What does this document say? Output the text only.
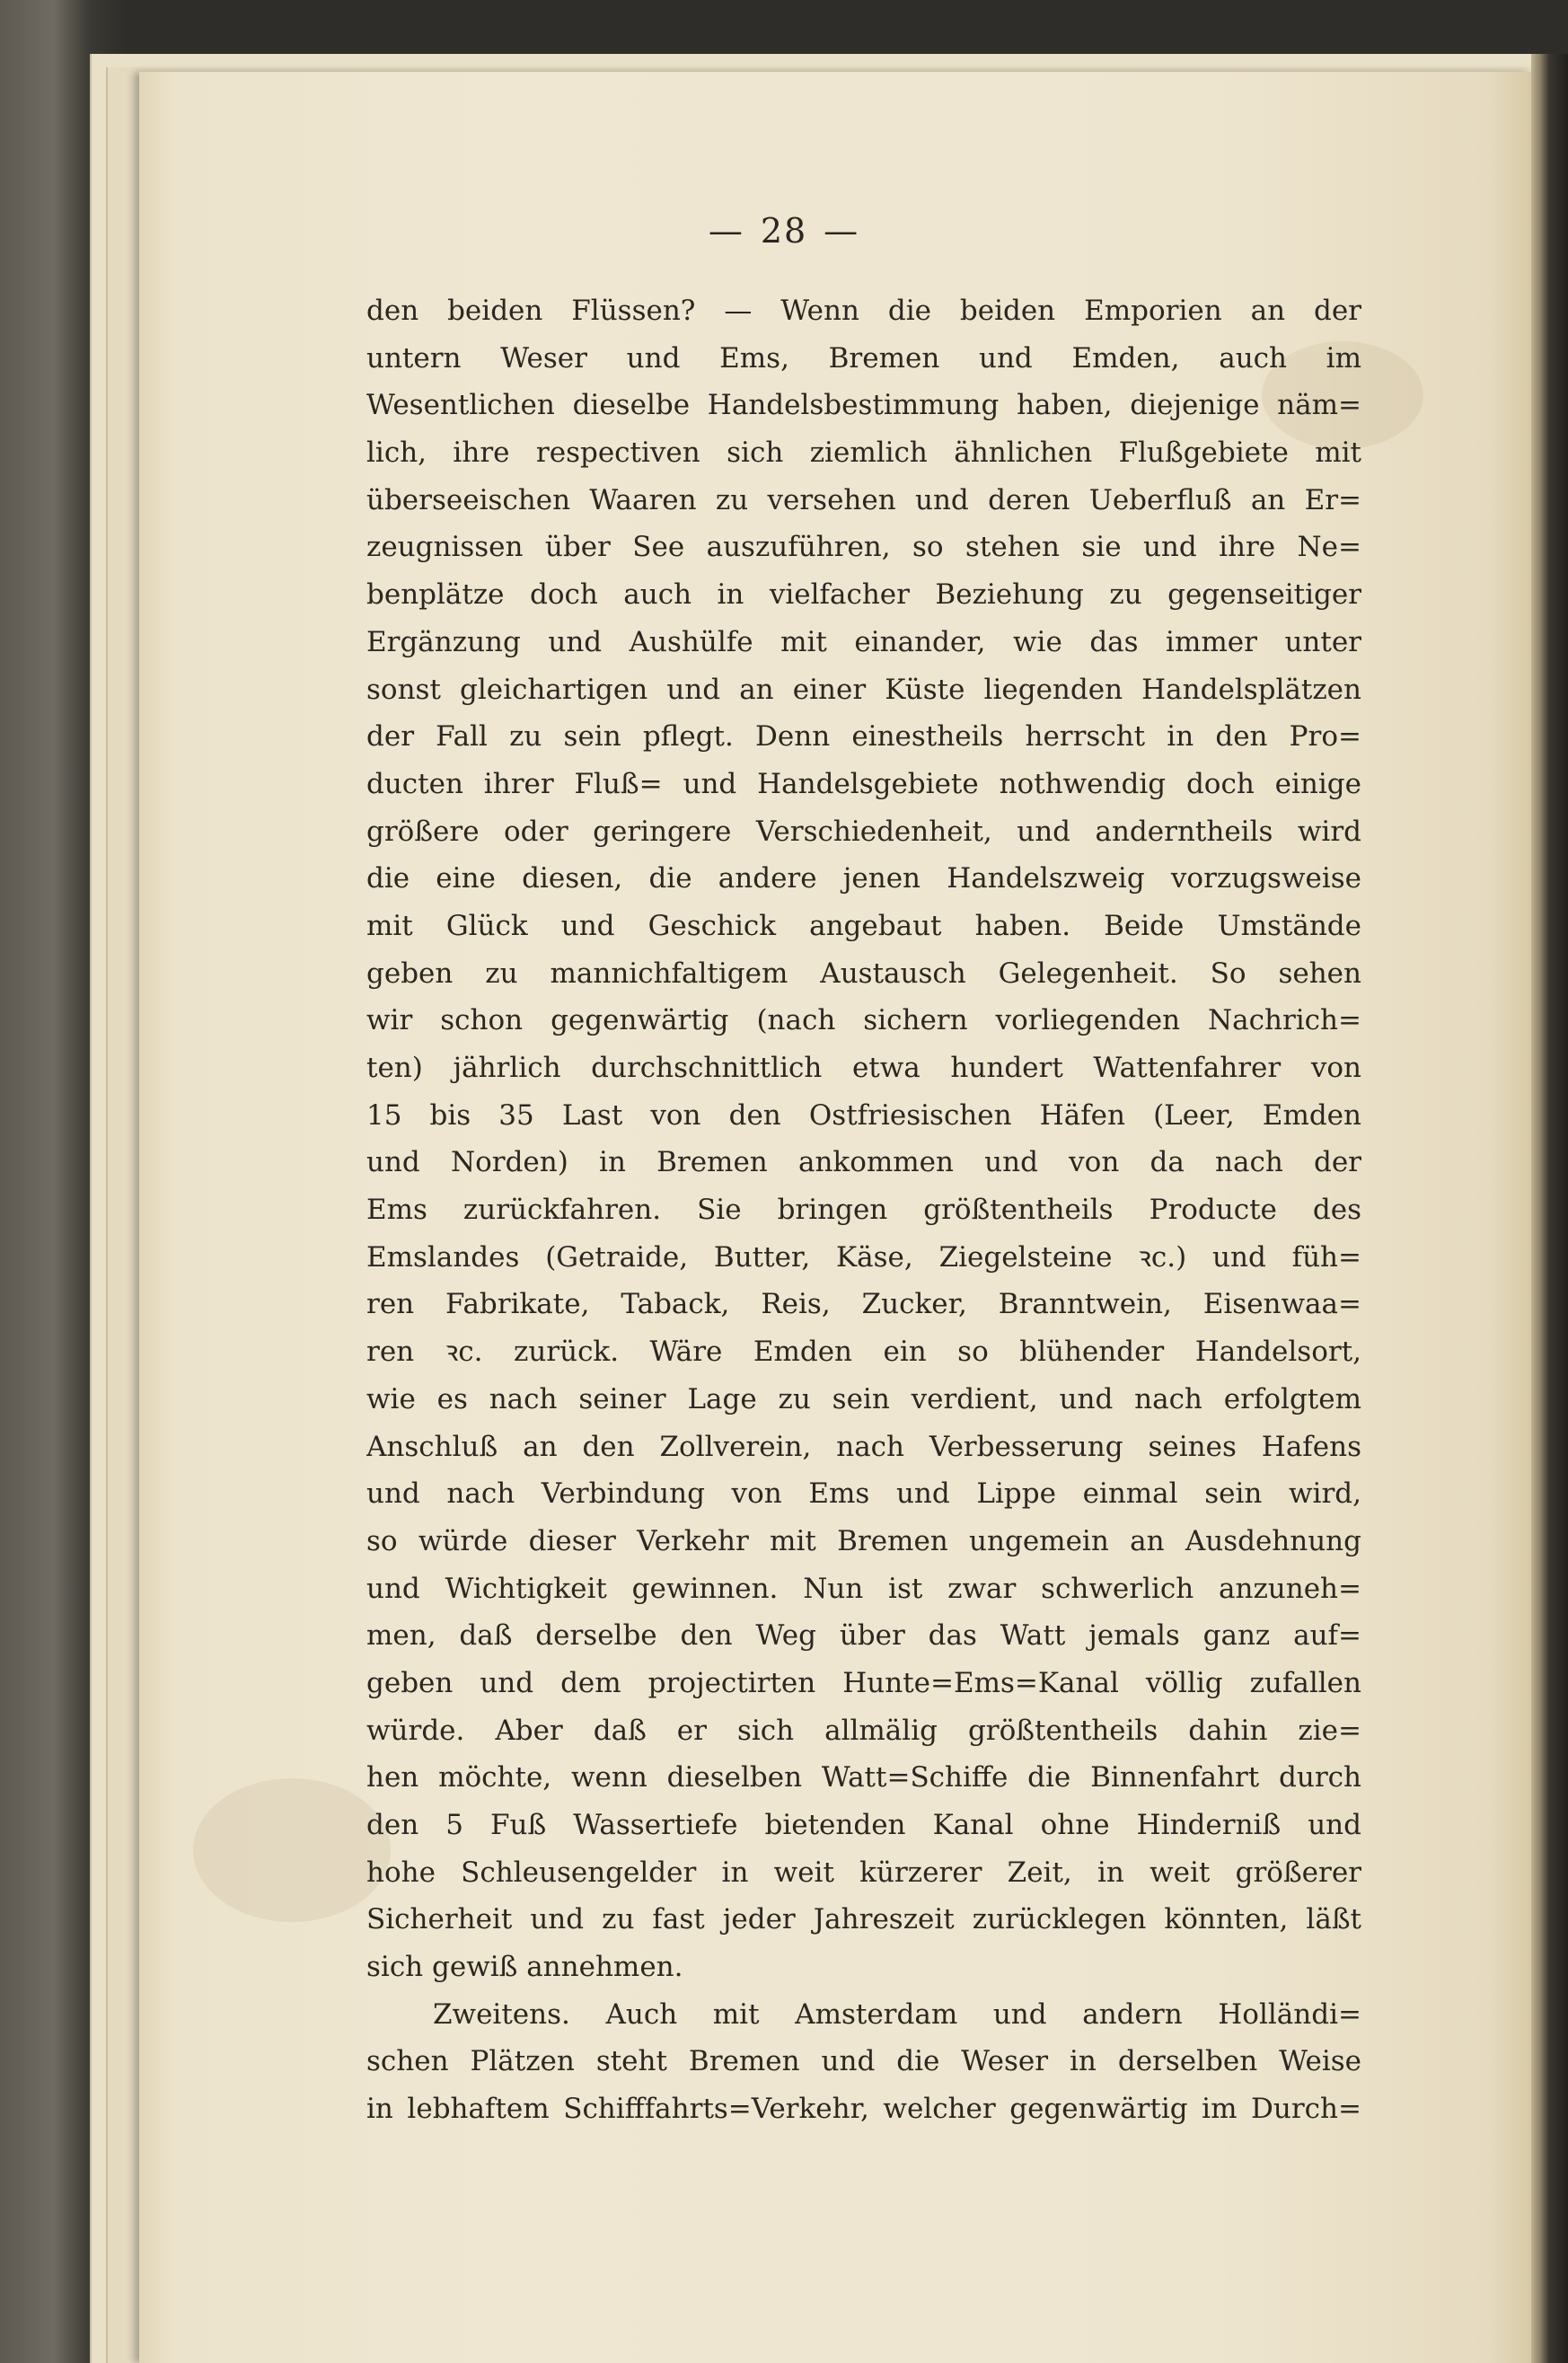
— 28 —
den beiden Flüssen? — Wenn die beiden Emporien an der
untern Weser und Ems, Bremen und Emden, auch im
Wesentlichen dieselbe Handelsbestimmung haben, diejenige näm=
lich, ihre respectiven sich ziemlich ähnlichen Flußgebiete mit
überseeischen Waaren zu versehen und deren Ueberfluß an Er=
zeugnissen über See auszuführen, so stehen sie und ihre Ne=
benplätze doch auch in vielfacher Beziehung zu gegenseitiger
Ergänzung und Aushülfe mit einander, wie das immer unter
sonst gleichartigen und an einer Küste liegenden Handelsplätzen
der Fall zu sein pflegt. Denn einestheils herrscht in den Pro=
ducten ihrer Fluß= und Handelsgebiete nothwendig doch einige
größere oder geringere Verschiedenheit, und anderntheils wird
die eine diesen, die andere jenen Handelszweig vorzugsweise
mit Glück und Geschick angebaut haben. Beide Umstände
geben zu mannichfaltigem Austausch Gelegenheit. So sehen
wir schon gegenwärtig (nach sichern vorliegenden Nachrich=
ten) jährlich durchschnittlich etwa hundert Wattenfahrer von
15 bis 35 Last von den Ostfriesischen Häfen (Leer, Emden
und Norden) in Bremen ankommen und von da nach der
Ems zurückfahren. Sie bringen größtentheils Producte des
Emslandes (Getraide, Butter, Käse, Ziegelsteine ꝛc.) und füh=
ren Fabrikate, Taback, Reis, Zucker, Branntwein, Eisenwaa=
ren ꝛc. zurück. Wäre Emden ein so blühender Handelsort,
wie es nach seiner Lage zu sein verdient, und nach erfolgtem
Anschluß an den Zollverein, nach Verbesserung seines Hafens
und nach Verbindung von Ems und Lippe einmal sein wird,
so würde dieser Verkehr mit Bremen ungemein an Ausdehnung
und Wichtigkeit gewinnen. Nun ist zwar schwerlich anzuneh=
men, daß derselbe den Weg über das Watt jemals ganz auf=
geben und dem projectirten Hunte=Ems=Kanal völlig zufallen
würde. Aber daß er sich allmälig größtentheils dahin zie=
hen möchte, wenn dieselben Watt=Schiffe die Binnenfahrt durch
den 5 Fuß Wassertiefe bietenden Kanal ohne Hinderniß und
hohe Schleusengelder in weit kürzerer Zeit, in weit größerer
Sicherheit und zu fast jeder Jahreszeit zurücklegen könnten, läßt
sich gewiß annehmen.
Zweitens. Auch mit Amsterdam und andern Holländi=
schen Plätzen steht Bremen und die Weser in derselben Weise
in lebhaftem Schifffahrts=Verkehr, welcher gegenwärtig im Durch=
